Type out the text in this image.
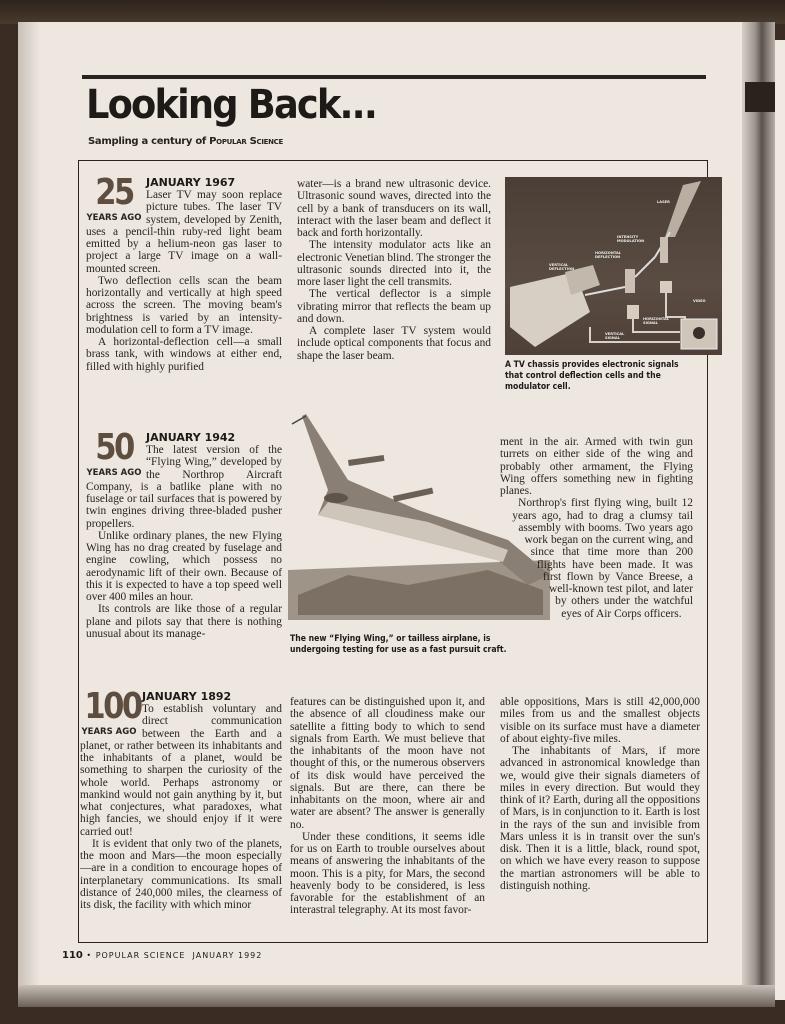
Looking Back...
Sampling a century of Popular Science
25
YEARS AGO
JANUARY 1967

Laser TV may soon replace picture tubes. The laser TV system, developed by Zenith, uses a pencil-thin ruby-red light beam emitted by a helium-neon gas laser to project a large TV image on a wall-mounted screen.

Two deflection cells scan the beam horizontally and vertically at high speed across the screen. The moving beam's brightness is varied by an intensity-modulation cell to form a TV image.

A horizontal-deflection cell—a small brass tank, with windows at either end, filled with highly purified

water—is a brand new ultrasonic device. Ultrasonic sound waves, directed into the cell by a bank of transducers on its wall, interact with the laser beam and deflect it back and forth horizontally.

The intensity modulator acts like an electronic Venetian blind. The stronger the ultrasonic sounds directed into it, the more laser light the cell transmits.

The vertical deflector is a simple vibrating mirror that reflects the beam up and down.

A complete laser TV system would include optical components that focus and shape the laser beam.

LASER
INTENSITY MODULATION
HORIZONTAL DEFLECTION
VERTICAL DEFLECTION
VIDEO
HORIZONTAL SIGNAL
VERTICAL SIGNAL
A TV chassis provides electronic signals that control deflection cells and the modulator cell.
50
YEARS AGO
JANUARY 1942

The latest version of the “Flying Wing,” developed by the Northrop Aircraft Company, is a batlike plane with no fuselage or tail surfaces that is powered by twin engines driving three-bladed pusher propellers.

Unlike ordinary planes, the new Flying Wing has no drag created by fuselage and engine cowling, which possess no aerodynamic lift of their own. Because of this it is expected to have a top speed well over 400 miles an hour.

Its controls are like those of a regular plane and pilots say that there is nothing unusual about its manage-	The new “Flying Wing,” or tailless airplane, is undergoing testing for use as a fast pursuit craft.

ment in the air. Armed with twin gun turrets on either side of the wing and probably other armament, the Flying Wing offers something new in fighting planes.

Northrop's first flying wing, built 12 years ago, had to drag a clumsy tail assembly with booms. Two years ago work began on the current wing, and since that time more than 200 flights have been made. It was first flown by Vance Breese, a well-known test pilot, and later by others under the watchful eyes of Air Corps officers.

100
YEARS AGO
JANUARY 1892

To establish voluntary and direct communication between the Earth and a planet, or rather between its inhabitants and the inhabitants of a planet, would be something to sharpen the curiosity of the whole world. Perhaps astronomy or mankind would not gain anything by it, but what conjectures, what paradoxes, what high fancies, we should enjoy if it were carried out!

It is evident that only two of the planets, the moon and Mars—the moon especially—are in a condition to encourage hopes of interplanetary communications. Its small distance of 240,000 miles, the clearness of its disk, the facility with which minor

features can be distinguished upon it, and the absence of all cloudiness make our satellite a fitting body to which to send signals from Earth. We must believe that the inhabitants of the moon have not thought of this, or the numerous observers of its disk would have perceived the signals. But are there, can there be inhabitants on the moon, where air and water are absent? The answer is generally no.

Under these conditions, it seems idle for us on Earth to trouble ourselves about means of answering the inhabitants of the moon. This is a pity, for Mars, the second heavenly body to be considered, is less favorable for the establishment of an interastral telegraphy. At its most favor-

able oppositions, Mars is still 42,000,000 miles from us and the smallest objects visible on its surface must have a diameter of about eighty-five miles.

The inhabitants of Mars, if more advanced in astronomical knowledge than we, would give their signals diameters of miles in every direction. But would they think of it? Earth, during all the oppositions of Mars, is in conjunction to it. Earth is lost in the rays of the sun and invisible from Mars unless it is in transit over the sun's disk. Then it is a little, black, round spot, on which we have every reason to suppose the martian astronomers will be able to distinguish nothing.

110 • POPULAR SCIENCE JANUARY 1992
